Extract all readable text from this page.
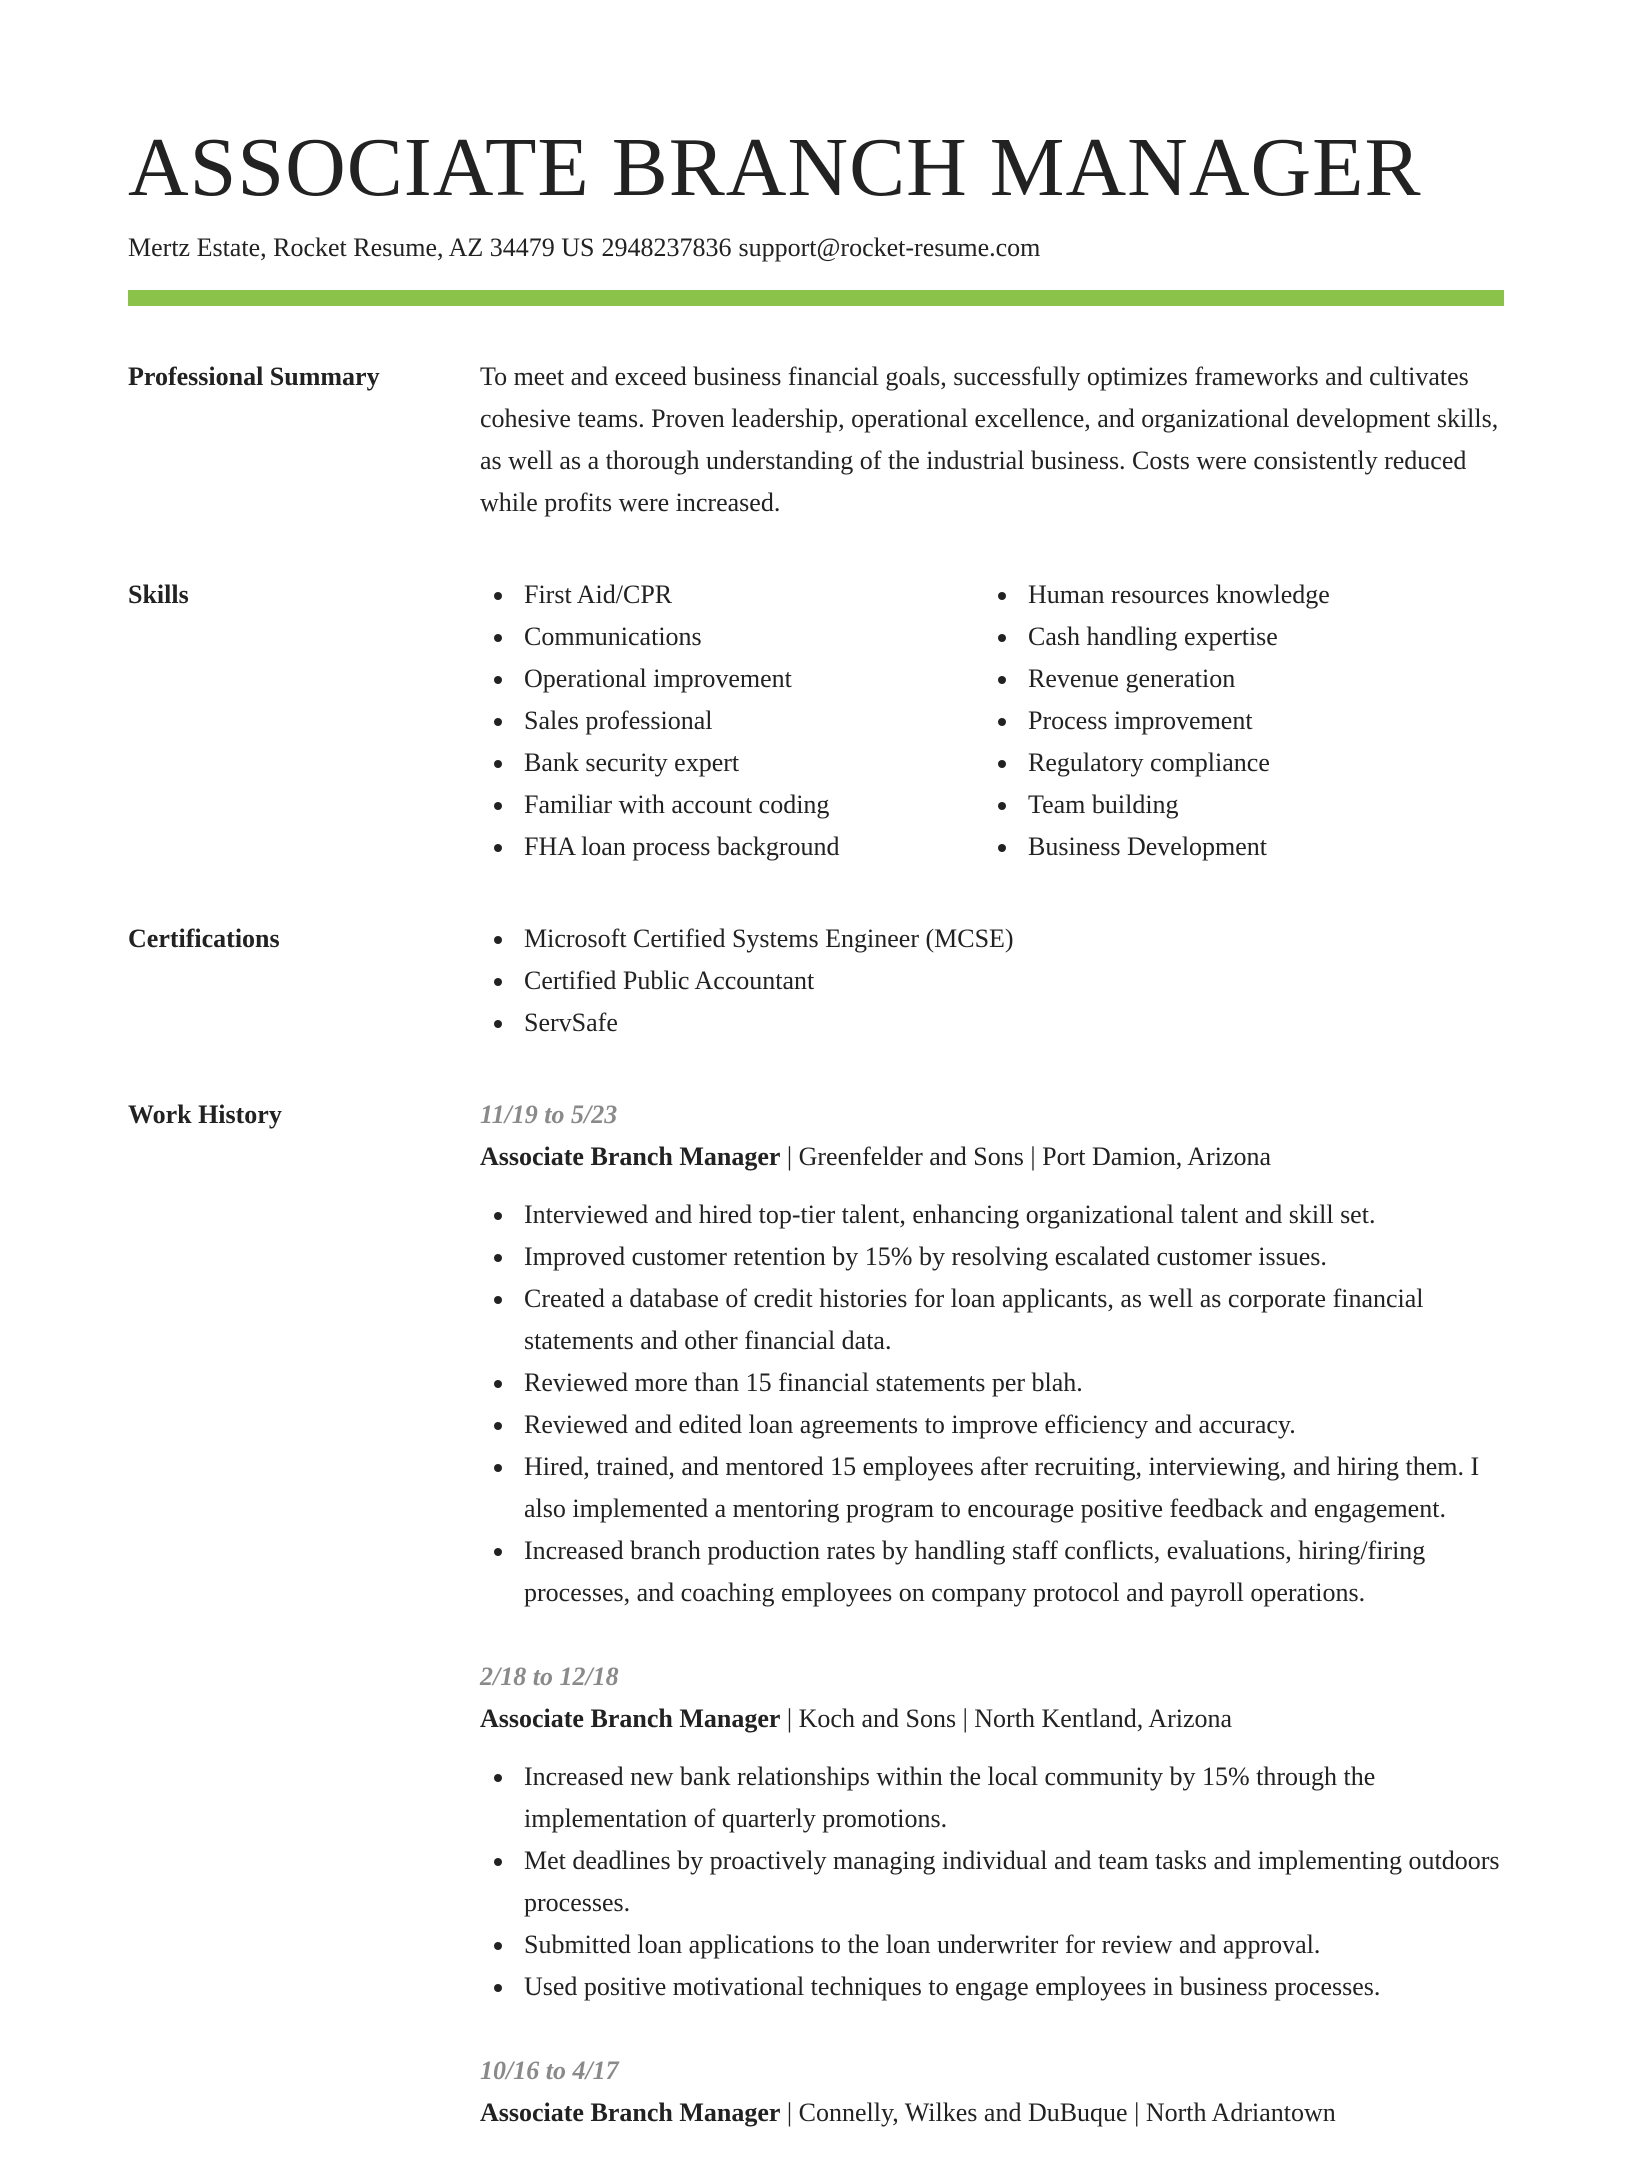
ASSOCIATE BRANCH MANAGER
Mertz Estate, Rocket Resume, AZ 34479 US 2948237836 support@rocket-resume.com
Professional Summary	To meet and exceed business financial goals, successfully optimizes frameworks and cultivates cohesive teams. Proven leadership, operational excellence, and organizational development skills, as well as a thorough understanding of the industrial business. Costs were consistently reduced while profits were increased.

Skills	First Aid/CPR
Communications
Operational improvement
Sales professional
Bank security expert
Familiar with account coding
FHA loan process background
Human resources knowledge
Cash handling expertise
Revenue generation
Process improvement
Regulatory compliance
Team building
Business Development
Certifications	Microsoft Certified Systems Engineer (MCSE)
Certified Public Accountant
ServSafe
Work History	11/19 to 5/23
Associate Branch Manager | Greenfelder and Sons | Port Damion, Arizona
Interviewed and hired top-tier talent, enhancing organizational talent and skill set.
Improved customer retention by 15% by resolving escalated customer issues.
Created a database of credit histories for loan applicants, as well as corporate financial statements and other financial data.
Reviewed more than 15 financial statements per blah.
Reviewed and edited loan agreements to improve efficiency and accuracy.
Hired, trained, and mentored 15 employees after recruiting, interviewing, and hiring them. I also implemented a mentoring program to encourage positive feedback and engagement.
Increased branch production rates by handling staff conflicts, evaluations, hiring/firing processes, and coaching employees on company protocol and payroll operations.
2/18 to 12/18
Associate Branch Manager | Koch and Sons | North Kentland, Arizona
Increased new bank relationships within the local community by 15% through the implementation of quarterly promotions.
Met deadlines by proactively managing individual and team tasks and implementing outdoors processes.
Submitted loan applications to the loan underwriter for review and approval.
Used positive motivational techniques to engage employees in business processes.
10/16 to 4/17
Associate Branch Manager | Connelly, Wilkes and DuBuque | North Adriantown
